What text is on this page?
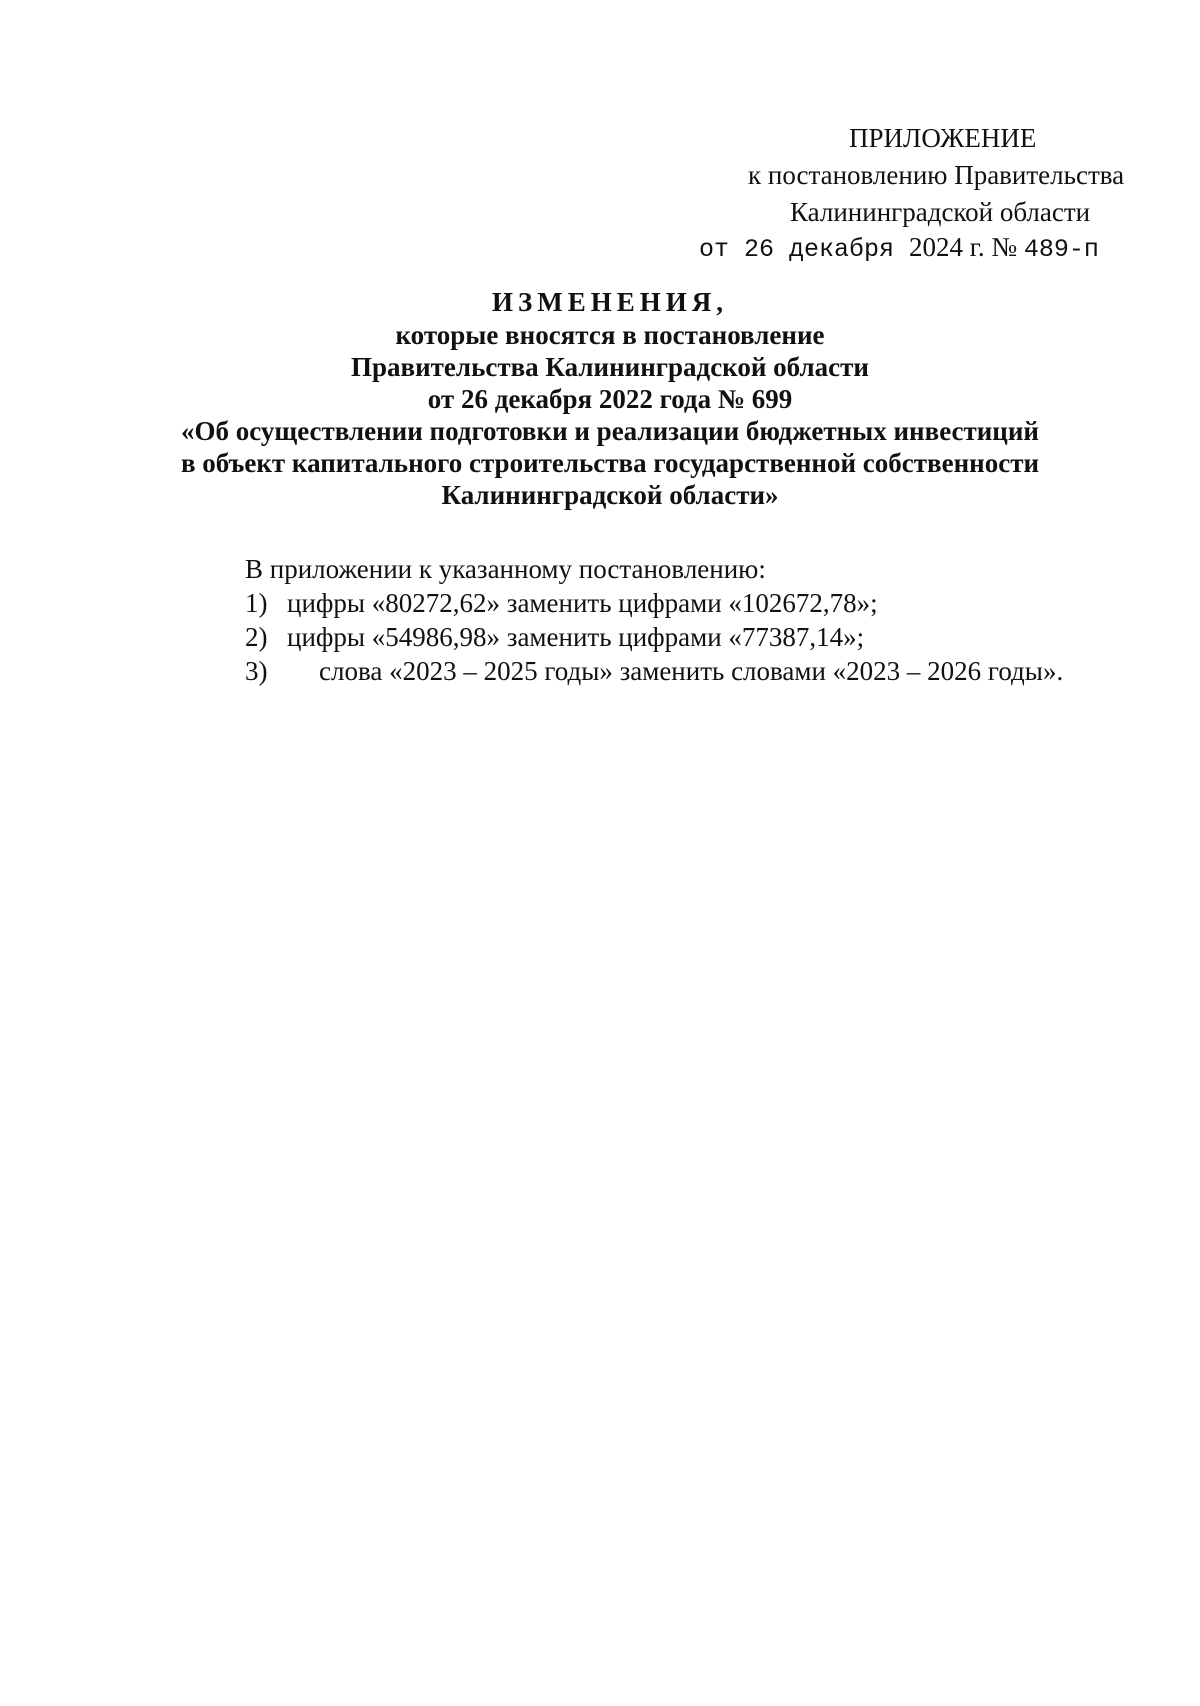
ПРИЛОЖЕНИЕ
к постановлению Правительства
Калининградской области
от 26 декабря 2024 г. № 489-п
ИЗМЕНЕНИЯ,
которые вносятся в постановление
Правительства Калининградской области
от 26 декабря 2022 года № 699
«Об осуществлении подготовки и реализации бюджетных инвестиций
в объект капитального строительства государственной собственности
Калининградской области»
В приложении к указанному постановлению:
1) цифры «80272,62» заменить цифрами «102672,78»;
2) цифры «54986,98» заменить цифрами «77387,14»;
3)	слова «2023 – 2025 годы» заменить словами «2023 – 2026 годы».
